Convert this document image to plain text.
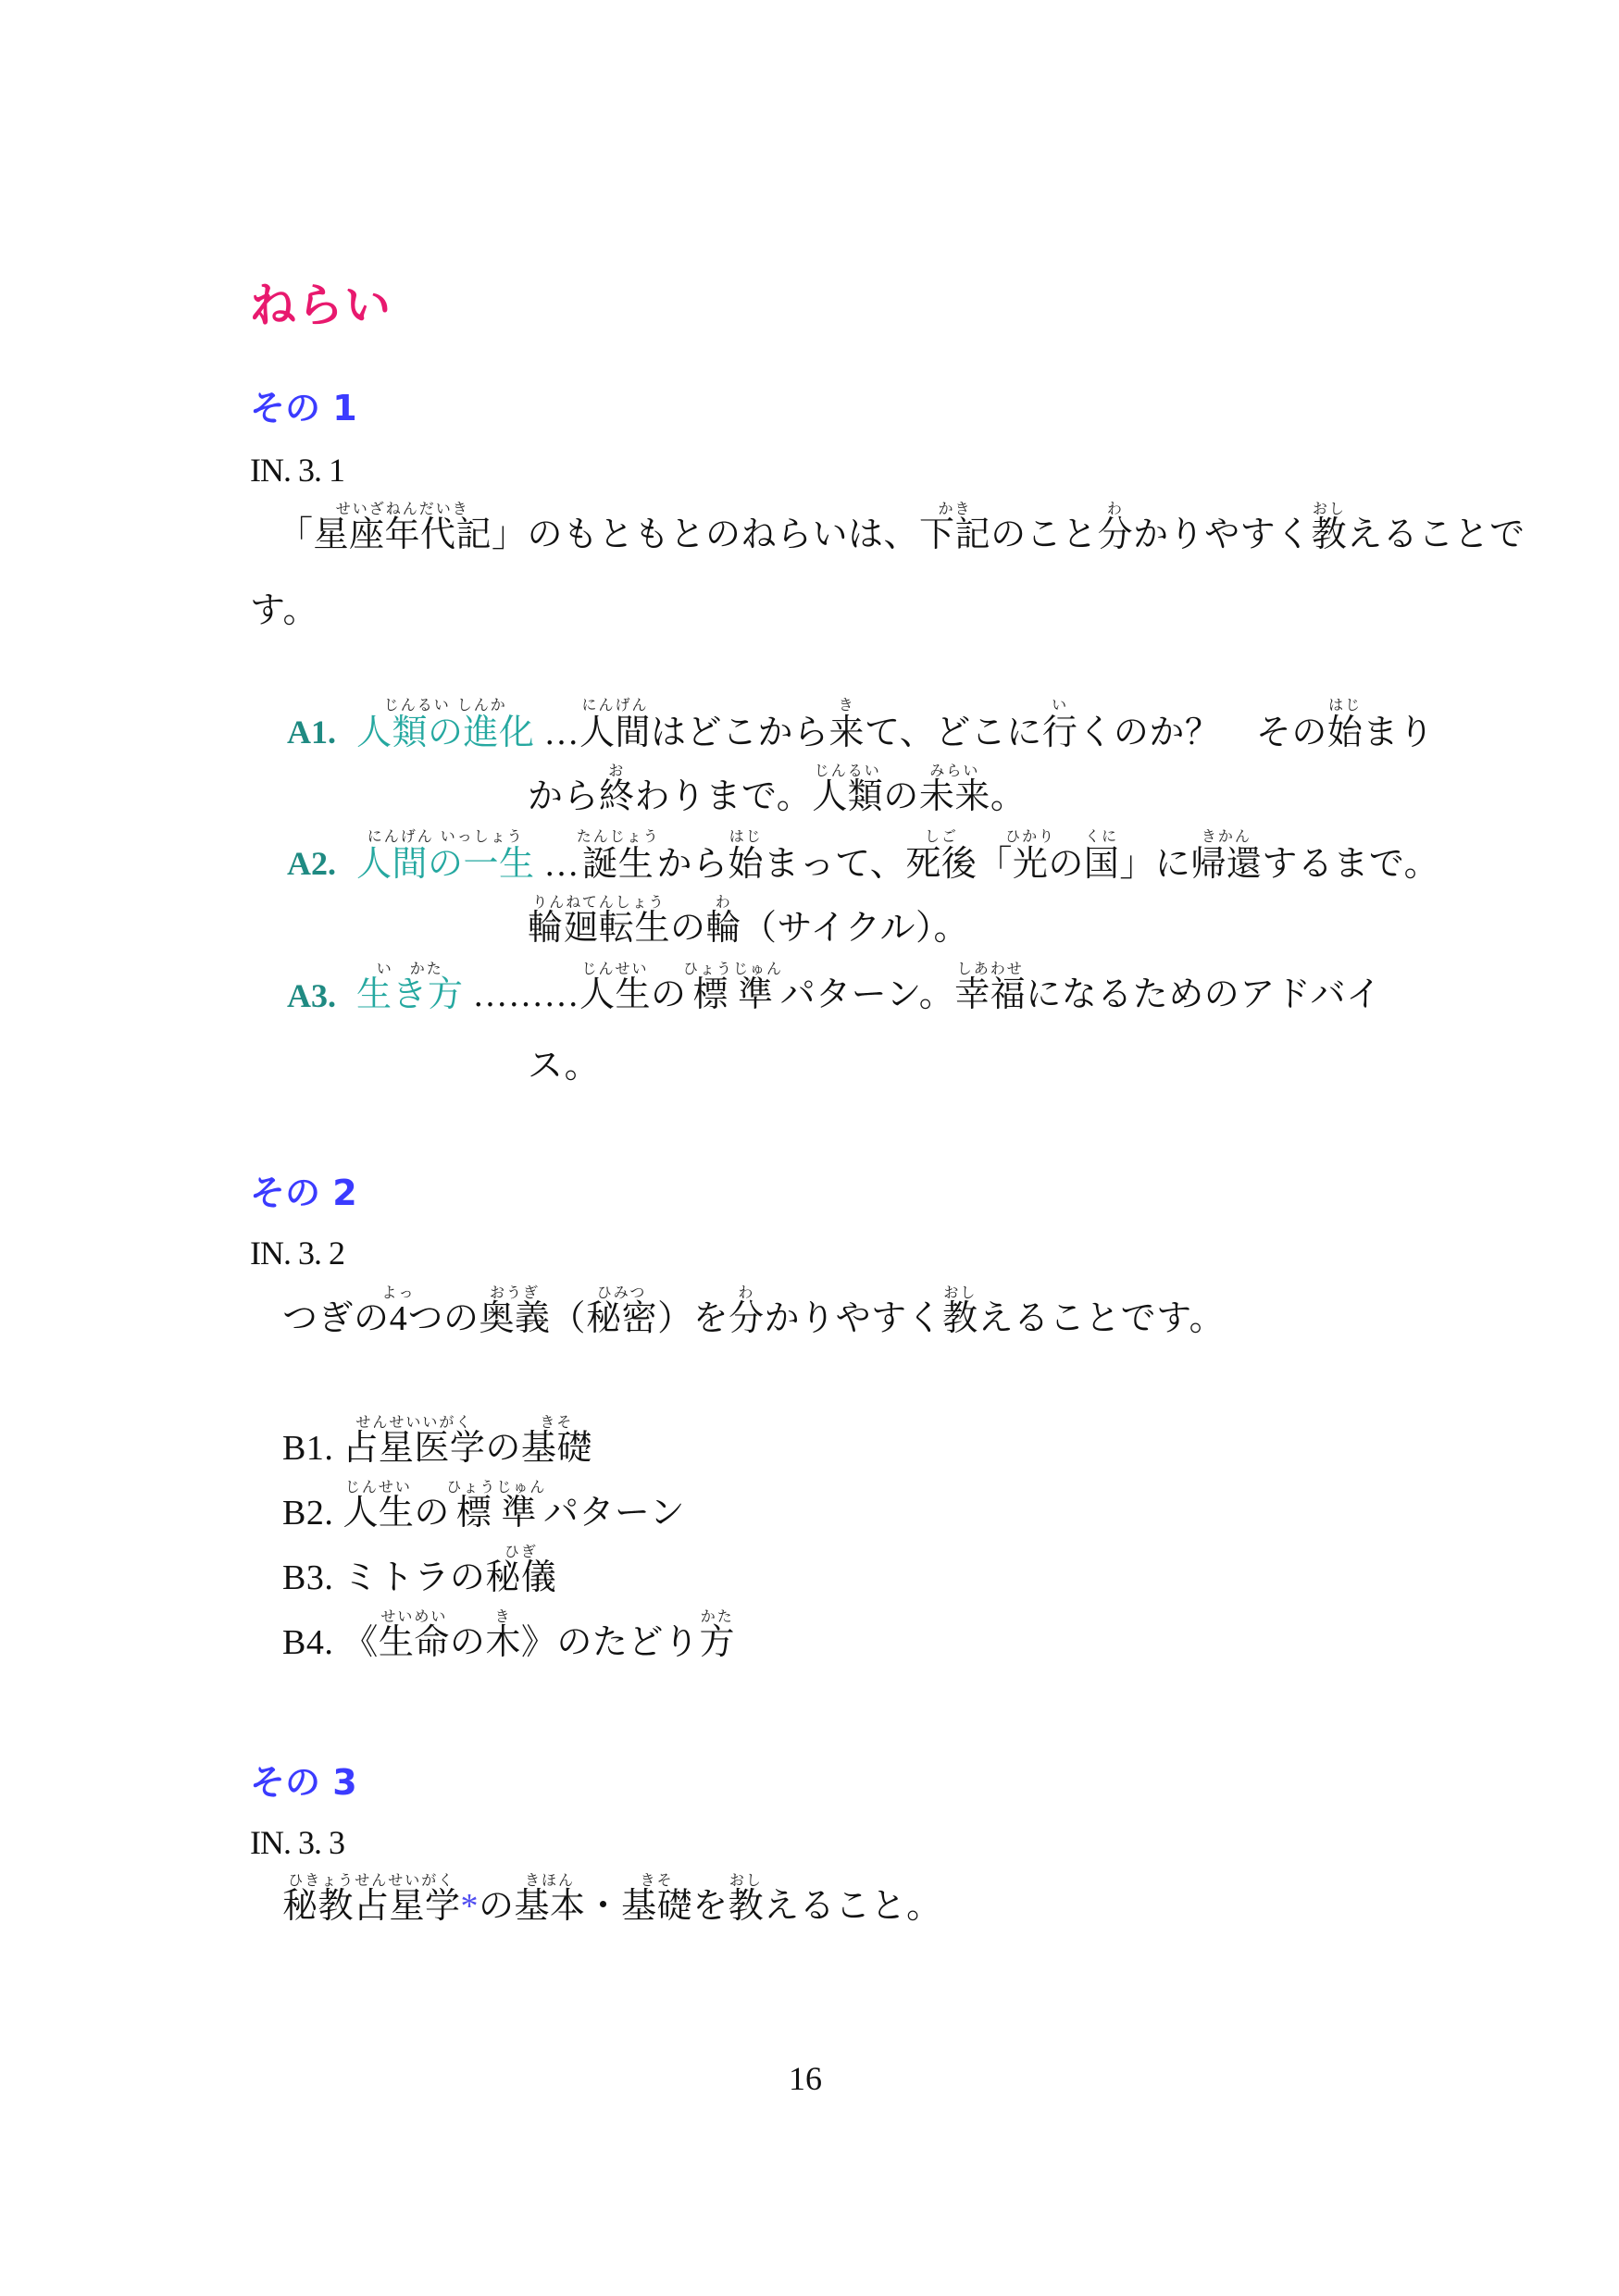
ねらい
その 1
IN. 3. 1
「星座年代記せいざねんだいき」のもともとのねらいは、下記かきのこと分わかりやすく教おしえることで
す。
A1. 人類の進化じんるい しんか …人間にんげんはどこから来きて、どこに行いくのか？　その始はじまり
から終おわりまで。人類じんるいの未来みらい。
A2. 人間の一生にんげん いっしょう …誕生たんじょうから始はじまって、死後しご「光ひかりの国くに」に帰還きかんするまで。
輪廻転生りんねてんしょうの輪わ（サイクル）。
A3. 生き方い　かた ………人生じんせいの標 準ひょうじゅんパターン。幸福しあわせになるためのアドバイ
ス。
その 2
IN. 3. 2
つぎの4よっつの奥義おうぎ（秘密ひみつ）を分わかりやすく教おしえることです。
B1. 占星医学せんせいいがくの基礎きそ
B2. 人生じんせいの標 準ひょうじゅんパターン
B3. ミトラの秘儀ひぎ
B4. 《生命せいめいの木き》のたどり方かた
その 3
IN. 3. 3
秘教占星学ひきょうせんせいがく*の基本きほん・基礎きそを教おしえること。
16
